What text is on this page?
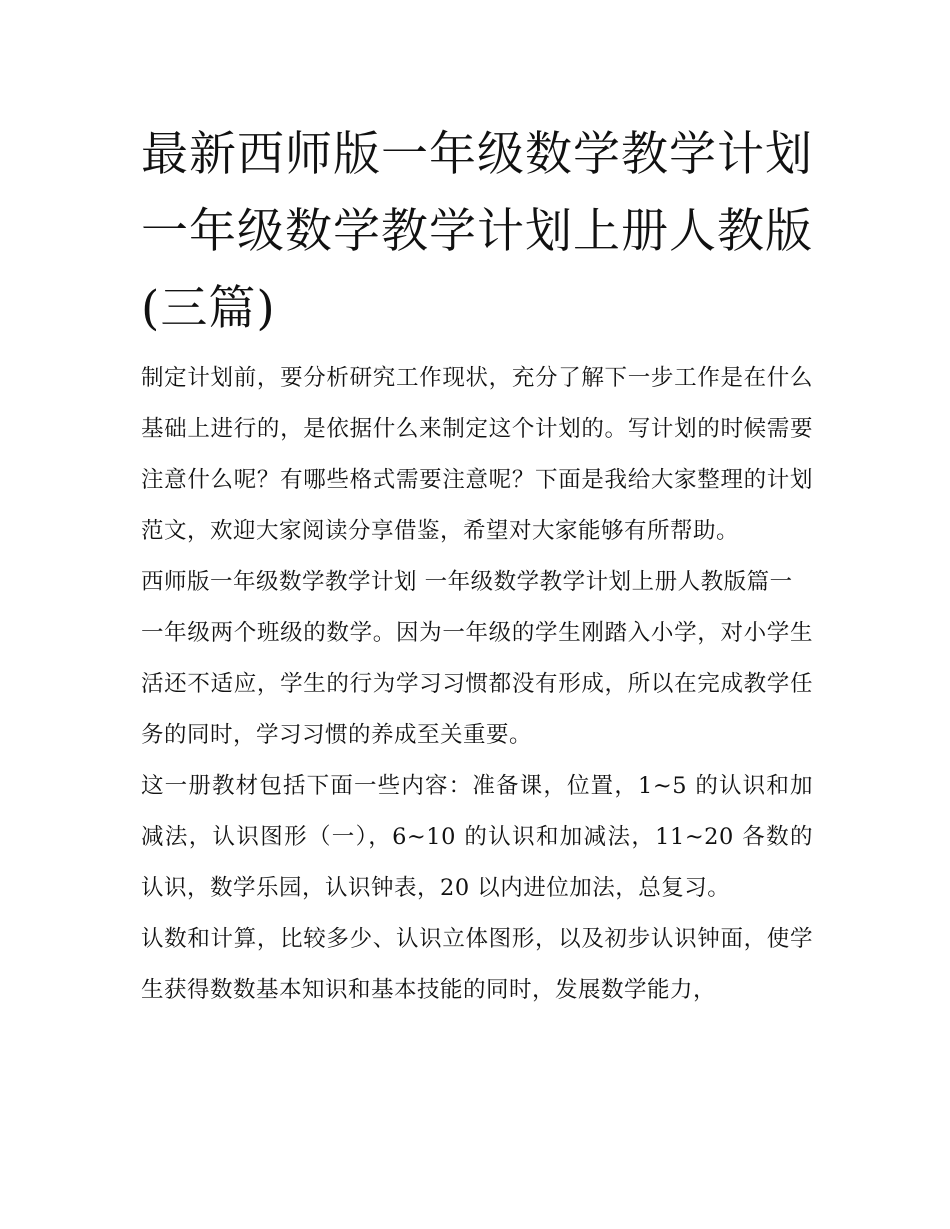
最新西师版一年级数学教学计划 一年级数学教学计划上册人教版(三篇)

制定计划前，要分析研究工作现状，充分了解下一步工作是在什么基础上进行的，是依据什么来制定这个计划的。写计划的时候需要注意什么呢？有哪些格式需要注意呢？下面是我给大家整理的计划范文，欢迎大家阅读分享借鉴，希望对大家能够有所帮助。

西师版一年级数学教学计划 一年级数学教学计划上册人教版篇一

一年级两个班级的数学。因为一年级的学生刚踏入小学，对小学生活还不适应，学生的行为学习习惯都没有形成，所以在完成教学任务的同时，学习习惯的养成至关重要。

这一册教材包括下面一些内容：准备课，位置，1~5 的认识和加减法，认识图形（一），6~10 的认识和加减法，11~20 各数的认识，数学乐园，认识钟表，20 以内进位加法，总复习。

认数和计算，比较多少、认识立体图形，以及初步认识钟面，使学生获得数数基本知识和基本技能的同时，发展数学能力，
